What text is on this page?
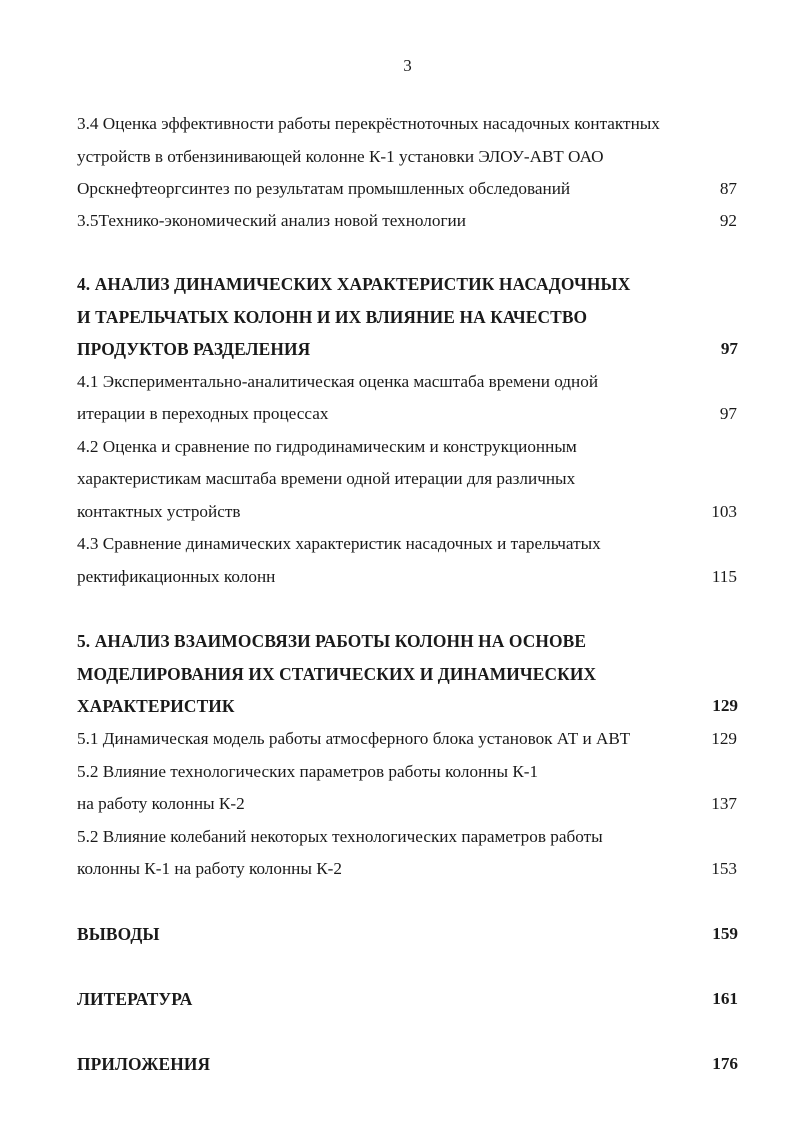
3
3.4 Оценка эффективности работы перекрёстноточных насадочных контактных
устройств в отбензинивающей колонне К-1 установки ЭЛОУ-АВТ ОАО
Орскнефтеоргсинтез по результатам промышленных обследований	87
3.5Технико-экономический анализ новой технологии	92
4. АНАЛИЗ ДИНАМИЧЕСКИХ ХАРАКТЕРИСТИК НАСАДОЧНЫХ
И ТАРЕЛЬЧАТЫХ КОЛОНН И ИХ ВЛИЯНИЕ НА КАЧЕСТВО
ПРОДУКТОВ РАЗДЕЛЕНИЯ	97
4.1 Экспериментально-аналитическая оценка масштаба времени одной
итерации в переходных процессах	97
4.2 Оценка и сравнение по гидродинамическим и конструкционным
характеристикам масштаба времени одной итерации для различных
контактных устройств	103
4.3 Сравнение динамических характеристик насадочных и тарельчатых
ректификационных колонн	115
5. АНАЛИЗ ВЗАИМОСВЯЗИ РАБОТЫ КОЛОНН НА ОСНОВЕ
МОДЕЛИРОВАНИЯ ИХ СТАТИЧЕСКИХ И ДИНАМИЧЕСКИХ
ХАРАКТЕРИСТИК	129
5.1 Динамическая модель работы атмосферного блока установок АТ и АВТ	129
5.2 Влияние технологических параметров работы колонны К-1
на работу колонны К-2	137
5.2 Влияние колебаний некоторых технологических параметров работы
колонны К-1 на работу колонны К-2	153
ВЫВОДЫ	159
ЛИТЕРАТУРА	161
ПРИЛОЖЕНИЯ	176
